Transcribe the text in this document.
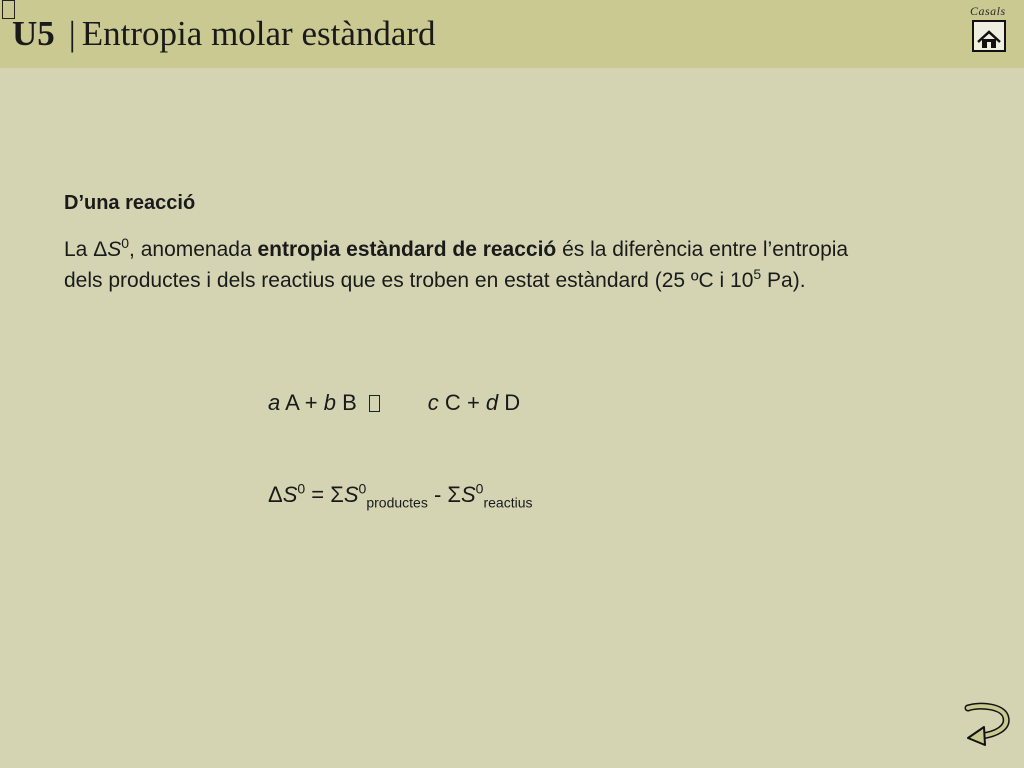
U5 | Entropia molar estàndard
Casals
D’una reacció
La $\Delta S^0$, anomenada entropia estàndard de reacció és la diferència entre l’entropia dels productes i dels reactius que es troben en estat estàndard (25 ºC i $10^5$ Pa).
a A + b B	c C + d D
$\Delta S^0 = \Sigma S^0_{productes} - \Sigma S^0_{reactius}$
